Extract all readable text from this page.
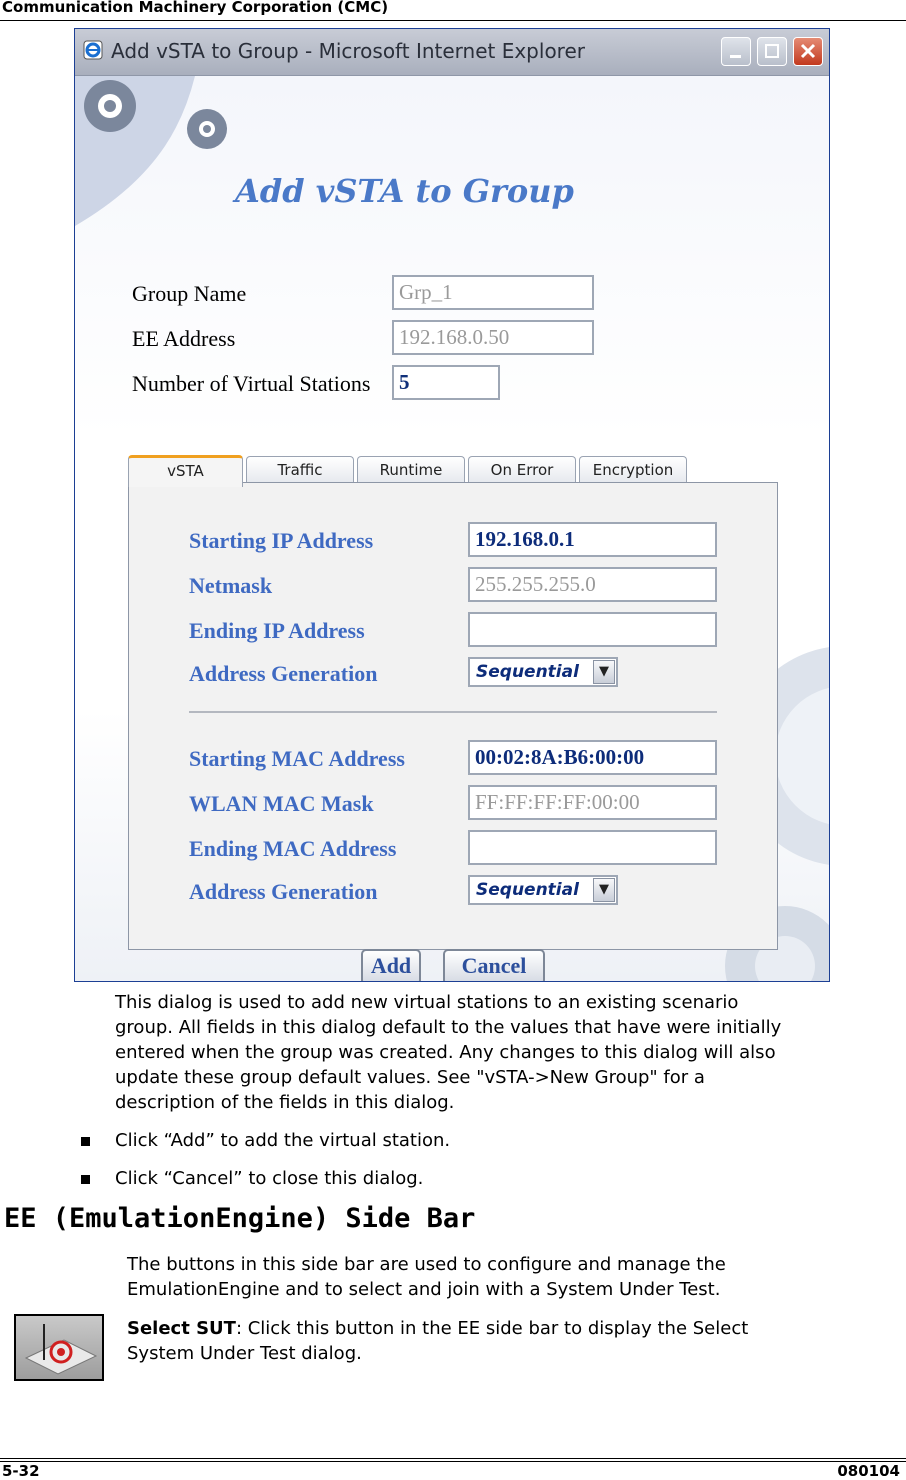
Communication Machinery Corporation (CMC)
Add vSTA to Group - Microsoft Internet Explorer
Add vSTA to Group
Group Name	Grp_1
EE Address	192.168.0.50
Number of Virtual Stations	5
vSTA	Traffic	Runtime	On Error	Encryption
Starting IP Address	192.168.0.1
Netmask	255.255.255.0
Ending IP Address
Address Generation	Sequential	▼
Starting MAC Address	00:02:8A:B6:00:00
WLAN MAC Mask	FF:FF:FF:FF:00:00
Ending MAC Address
Address Generation	Sequential	▼
Add	Cancel
This dialog is used to add new virtual stations to an existing scenario
group. All fields in this dialog default to the values that have were initially
entered when the group was created. Any changes to this dialog will also
update these group default values. See "vSTA->New Group" for a
description of the fields in this dialog.
Click “Add” to add the virtual station.
Click “Cancel” to close this dialog.
EE (EmulationEngine) Side Bar
The buttons in this side bar are used to configure and manage the
EmulationEngine and to select and join with a System Under Test.
Select SUT: Click this button in the EE side bar to display the Select
System Under Test dialog.
5-32	080104
